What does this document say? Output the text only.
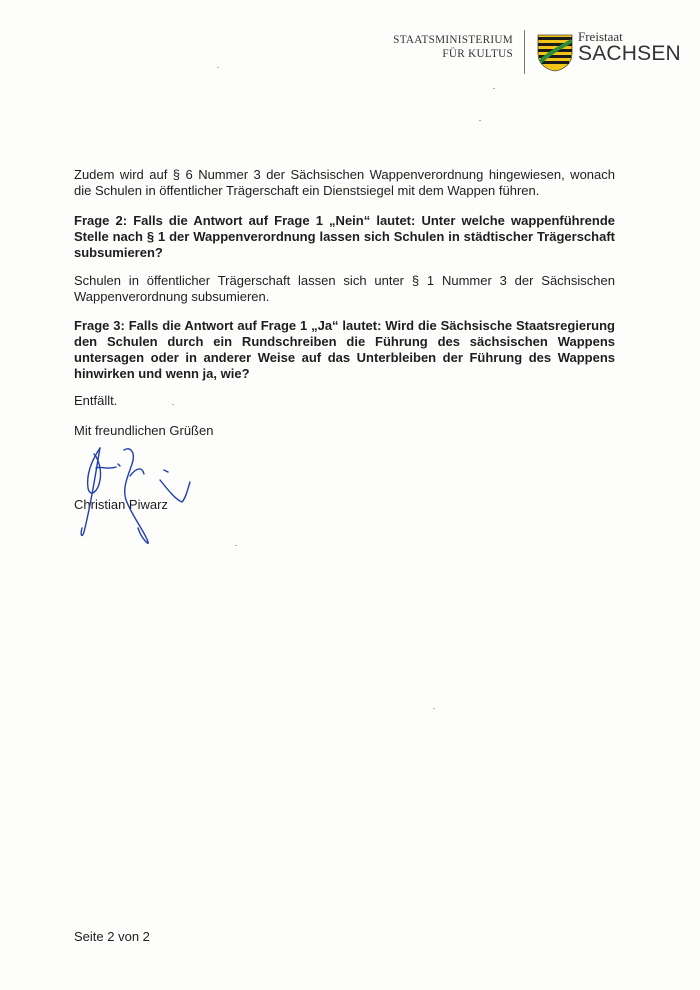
STAATSMINISTERIUM
FÜR KULTUS
Freistaat
SACHSEN
Zudem wird auf § 6 Nummer 3 der Sächsischen Wappenverordnung hingewiesen, wonach die Schulen in öffentlicher Trägerschaft ein Dienstsiegel mit dem Wappen führen.
Frage 2: Falls die Antwort auf Frage 1 „Nein“ lautet: Unter welche wappenführende Stelle nach § 1 der Wappenverordnung lassen sich Schulen in städtischer Trägerschaft subsumieren?
Schulen in öffentlicher Trägerschaft lassen sich unter § 1 Nummer 3 der Sächsischen Wappenverordnung subsumieren.
Frage 3: Falls die Antwort auf Frage 1 „Ja“ lautet: Wird die Sächsische Staatsregierung den Schulen durch ein Rundschreiben die Führung des sächsischen Wappens untersagen oder in anderer Weise auf das Unterbleiben der Führung des Wappens hinwirken und wenn ja, wie?
Entfällt.
Mit freundlichen Grüßen
Christian Piwarz
Seite 2 von 2
